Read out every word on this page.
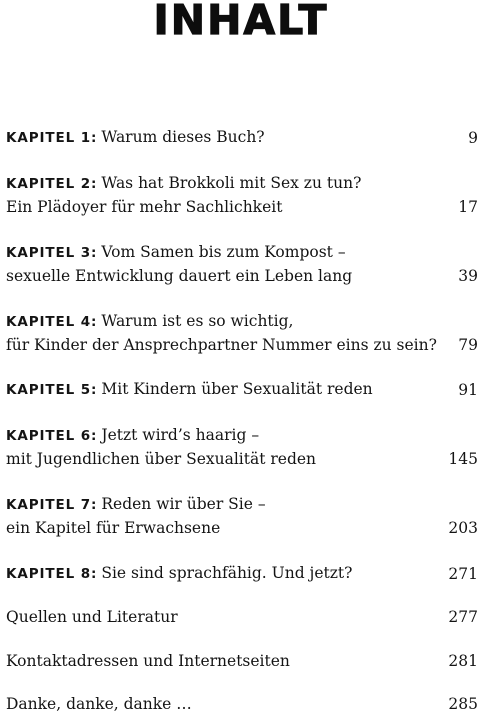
INHALT
KAPITEL 1: Warum dieses Buch?	9
KAPITEL 2: Was hat Brokkoli mit Sex zu tun?
Ein Plädoyer für mehr Sachlichkeit	17
KAPITEL 3: Vom Samen bis zum Kompost –
sexuelle Entwicklung dauert ein Leben lang	39
KAPITEL 4: Warum ist es so wichtig,
für Kinder der Ansprechpartner Nummer eins zu sein?	79
KAPITEL 5: Mit Kindern über Sexualität reden	91
KAPITEL 6: Jetzt wird’s haarig –
mit Jugendlichen über Sexualität reden	145
KAPITEL 7: Reden wir über Sie –
ein Kapitel für Erwachsene	203
KAPITEL 8: Sie sind sprachfähig. Und jetzt?	271
Quellen und Literatur	277
Kontaktadressen und Internetseiten	281
Danke, danke, danke …	285
